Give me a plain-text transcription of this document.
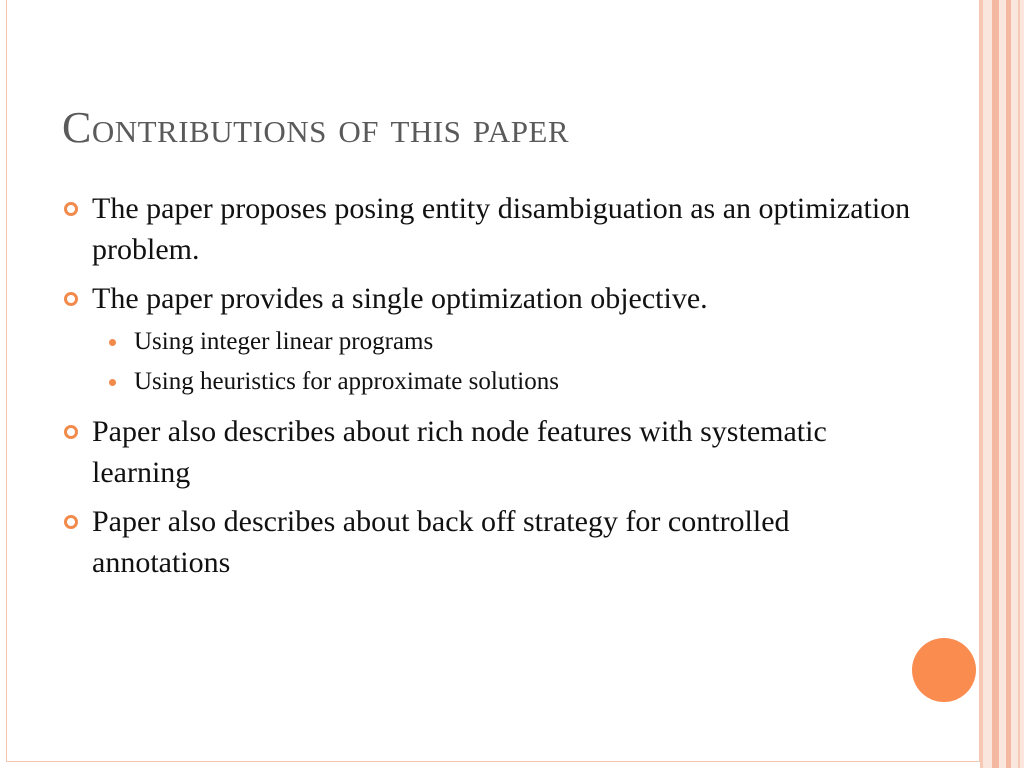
Contributions of this paper
The paper proposes posing entity disambiguation as an optimization problem.
The paper provides a single optimization objective.
Using integer linear programs
Using heuristics for approximate solutions
Paper also describes about rich node features with systematic learning
Paper also describes about back off strategy for controlled annotations
